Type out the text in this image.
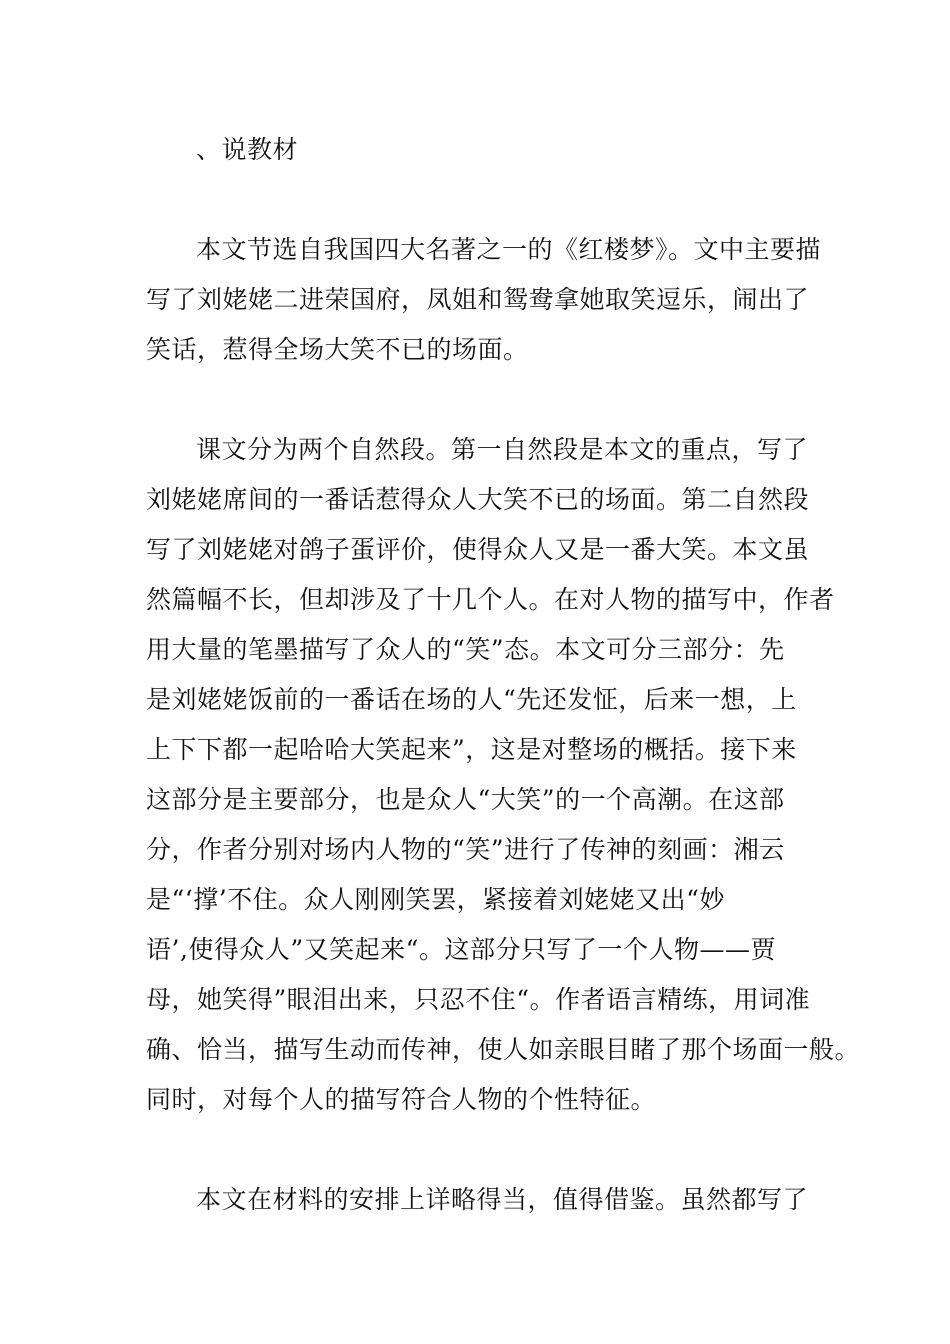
、说教材
本文节选自我国四大名著之一的《红楼梦》。文中主要描
写了刘姥姥二进荣国府，凤姐和鸳鸯拿她取笑逗乐，闹出了
笑话，惹得全场大笑不已的场面。
课文分为两个自然段。第一自然段是本文的重点，写了
刘姥姥席间的一番话惹得众人大笑不已的场面。第二自然段
写了刘姥姥对鸽子蛋评价，使得众人又是一番大笑。本文虽
然篇幅不长，但却涉及了十几个人。在对人物的描写中，作者
用大量的笔墨描写了众人的“笑”态。本文可分三部分：先
是刘姥姥饭前的一番话在场的人“先还发怔，后来一想，上
上下下都一起哈哈大笑起来”，这是对整场的概括。接下来
这部分是主要部分，也是众人“大笑”的一个高潮。在这部
分，作者分别对场内人物的“笑”进行了传神的刻画：湘云
是“‘撑’不住。众人刚刚笑罢，紧接着刘姥姥又出“妙
语’,使得众人”又笑起来“。这部分只写了一个人物——贾
母，她笑得”眼泪出来，只忍不住“。作者语言精练，用词准
确、恰当，描写生动而传神，使人如亲眼目睹了那个场面一般。
同时，对每个人的描写符合人物的个性特征。
本文在材料的安排上详略得当，值得借鉴。虽然都写了
